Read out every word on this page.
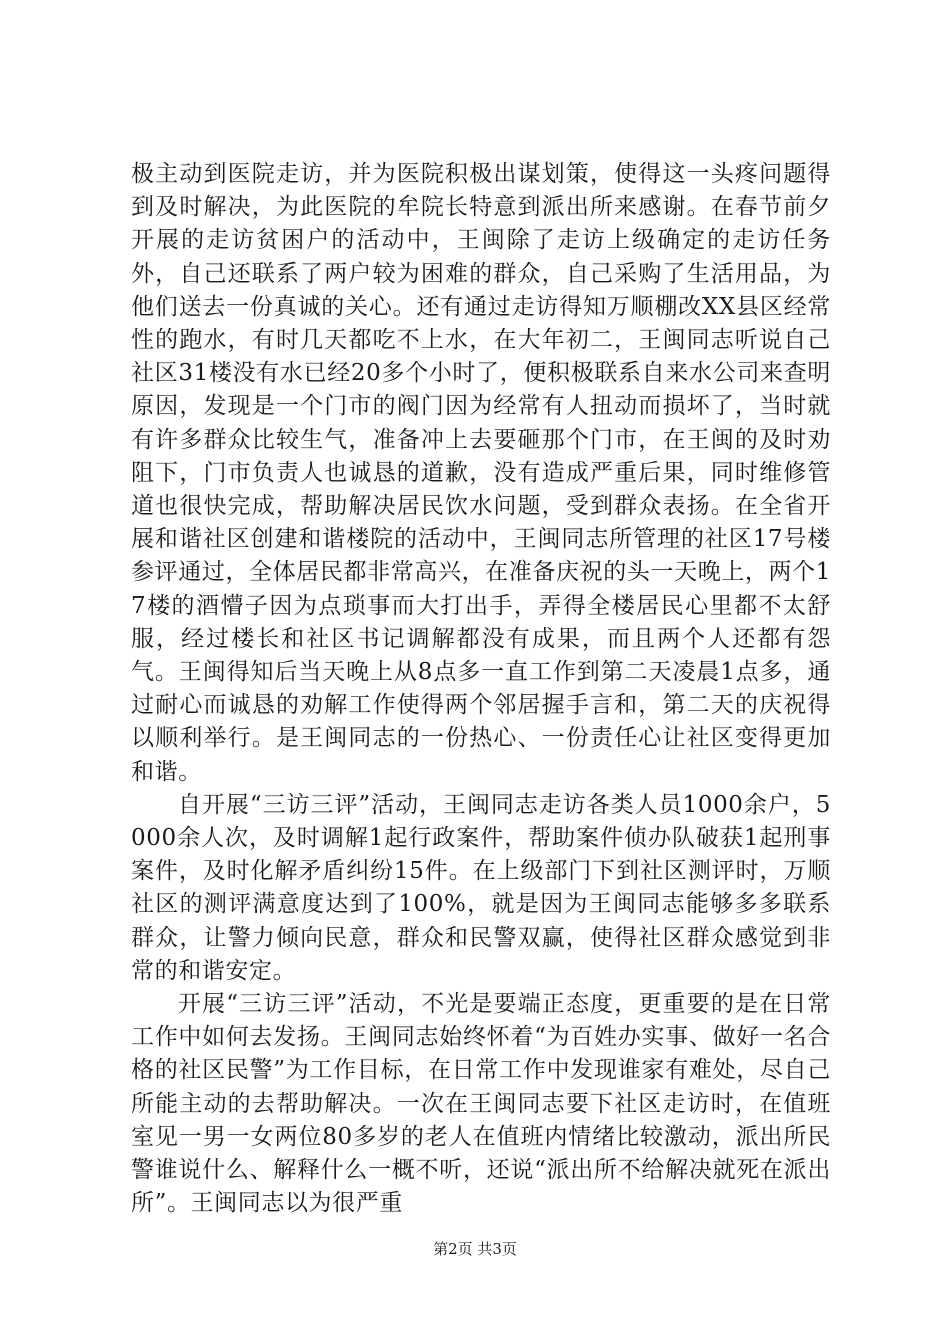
极主动到医院走访，并为医院积极出谋划策，使得这一头疼问题得到及时解决，为此医院的牟院长特意到派出所来感谢。在春节前夕开展的走访贫困户的活动中，王闽除了走访上级确定的走访任务外，自己还联系了两户较为困难的群众，自己采购了生活用品，为他们送去一份真诚的关心。还有通过走访得知万顺棚改XX县区经常性的跑水，有时几天都吃不上水，在大年初二，王闽同志听说自己社区31楼没有水已经20多个小时了，便积极联系自来水公司来查明原因，发现是一个门市的阀门因为经常有人扭动而损坏了，当时就有许多群众比较生气，准备冲上去要砸那个门市，在王闽的及时劝阻下，门市负责人也诚恳的道歉，没有造成严重后果，同时维修管道也很快完成，帮助解决居民饮水问题，受到群众表扬。在全省开展和谐社区创建和谐楼院的活动中，王闽同志所管理的社区17号楼参评通过，全体居民都非常高兴，在准备庆祝的头一天晚上，两个17楼的酒懵子因为点琐事而大打出手，弄得全楼居民心里都不太舒服，经过楼长和社区书记调解都没有成果，而且两个人还都有怨气。王闽得知后当天晚上从8点多一直工作到第二天凌晨1点多，通过耐心而诚恳的劝解工作使得两个邻居握手言和，第二天的庆祝得以顺利举行。是王闽同志的一份热心、一份责任心让社区变得更加和谐。

自开展“三访三评”活动，王闽同志走访各类人员1000余户，5000余人次，及时调解1起行政案件，帮助案件侦办队破获1起刑事案件，及时化解矛盾纠纷15件。在上级部门下到社区测评时，万顺社区的测评满意度达到了100%，就是因为王闽同志能够多多联系群众，让警力倾向民意，群众和民警双赢，使得社区群众感觉到非常的和谐安定。

开展“三访三评”活动，不光是要端正态度，更重要的是在日常工作中如何去发扬。王闽同志始终怀着“为百姓办实事、做好一名合格的社区民警”为工作目标，在日常工作中发现谁家有难处，尽自己所能主动的去帮助解决。一次在王闽同志要下社区走访时，在值班室见一男一女两位80多岁的老人在值班内情绪比较激动，派出所民警谁说什么、解释什么一概不听，还说“派出所不给解决就死在派出所”。王闽同志以为很严重

第2页 共3页
